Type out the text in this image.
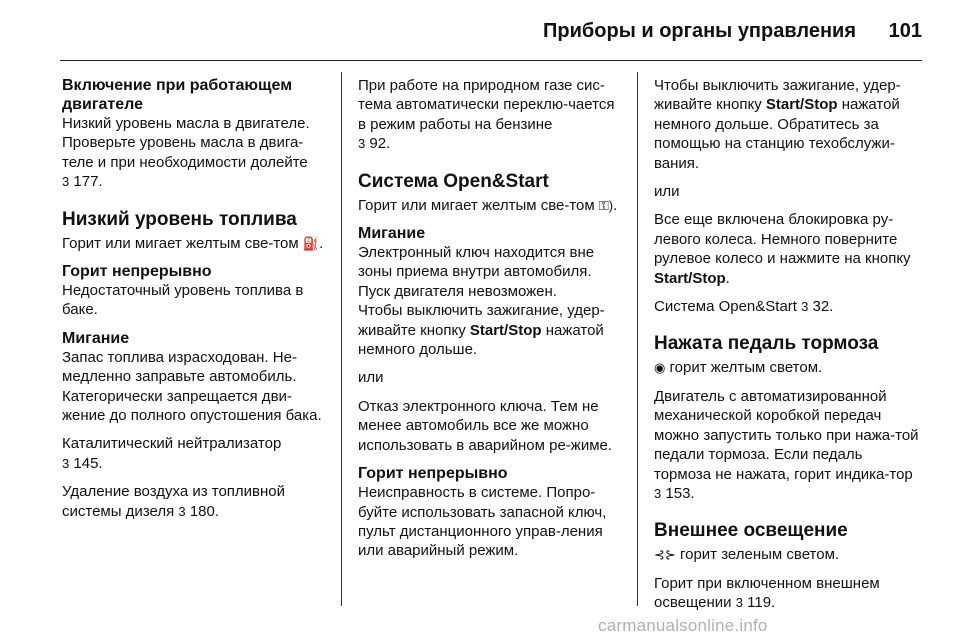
Приборы и органы управления 101
Включение при работающем двигателе

Низкий уровень масла в двигателе. Проверьте уровень масла в двига-теле и при необходимости долейте
3 177.

Низкий уровень топлива

Горит или мигает желтым све-том ⛽.

Горит непрерывно

Недостаточный уровень топлива в баке.

Мигание

Запас топлива израсходован. Не-медленно заправьте автомобиль. Категорически запрещается дви-жение до полного опустошения бака.

Каталитический нейтрализатор
3 145.

Удаление воздуха из топливной системы дизеля 3 180.

При работе на природном газе сис-тема автоматически переклю-чается в режим работы на бензине
3 92.

Система Open&Start

Горит или мигает желтым све-том ⚿).

Мигание

Электронный ключ находится вне зоны приема внутри автомобиля. Пуск двигателя невозможен.

Чтобы выключить зажигание, удер-живайте кнопку Start/Stop нажатой немного дольше.

или

Отказ электронного ключа. Тем не менее автомобиль все же можно использовать в аварийном ре-жиме.

Горит непрерывно

Неисправность в системе. Попро-буйте использовать запасной ключ, пульт дистанционного управ-ления или аварийный режим.

Чтобы выключить зажигание, удер-живайте кнопку Start/Stop нажатой немного дольше. Обратитесь за помощью на станцию техобслужи-вания.

или

Все еще включена блокировка ру-левого колеса. Немного поверните рулевое колесо и нажмите на кнопку Start/Stop.

Система Open&Start 3 32.

Нажата педаль тормоза

◉ горит желтым светом.

Двигатель с автоматизированной механической коробкой передач можно запустить только при нажа-той педали тормоза. Если педаль тормоза не нажата, горит индика-тор 3 153.

Внешнее освещение

⊰⊱ горит зеленым светом.

Горит при включенном внешнем освещении 3 119.

carmanualsonline.info
